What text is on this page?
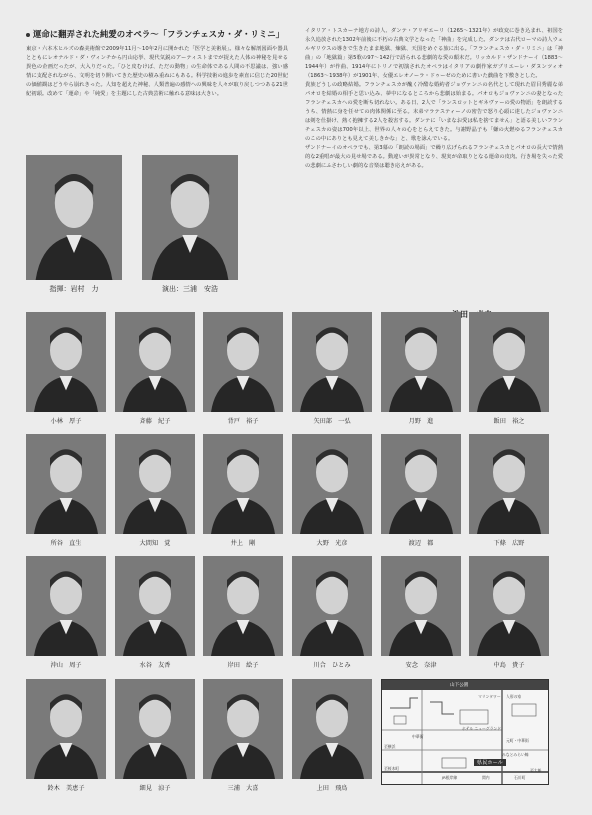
運命に翻弄された純愛のオペラ〜「フランチェスカ・ダ・リミニ」

東京・六本木ヒルズの森美術館で2009年11月〜10年2月に開かれた「医学と美術展」。様々な解剖図面や器具とともにレオナルド・ダ・ヴィンチから円山応挙、現代気鋭のアーティストまでが捉えた人体の神秘を見せる異色の企画だったが、大入りだった。「ひと皮むけば、ただの動物」の生命体である人間の不思議は、強い感情に支配されながら、文明を切り開いてきた歴史の積み重ねにもある。科学技術の進歩を素直に信じた20世紀の価値観はどうやら崩れきった。人知を超えた神秘、人類普遍の感情への興味を人々が取り戻しつつある21世紀初頭。改めて「運命」や「純愛」を主題にした古典芸術に触れる意味は大きい。

イタリア・トスカーナ地方の詩人、ダンテ・アリギエーリ（1265〜1321年）が政変に巻き込まれ、祖国を永久追放された1302年前後に不朽の古典文学となった「神曲」を完成した。ダンテは古代ローマの詩人ウェルギリウスの導きで生きたまま地獄、煉獄、天国をめぐる旅に出る。「フランチェスカ・ダ・リミニ」は「神曲」の「地獄篇」第5歌の97〜142行で語られる悲劇的な愛の顛末だ。リッカルド・ザンドナーイ（1883〜1944年）が作曲、1914年にトリノで初演されたオペラはイタリアの劇作家ガブリエーレ・ダヌンツィオ（1863〜1938年）が1901年、女優エレオノーラ・ドゥーゼのために書いた戯曲を下敷きとした。

貴族どうしの政略結婚。フランチェスカが醜く冷酷な婚約者ジョヴァンニの名代として現れた眉目秀麗な弟パオロを結婚の相手と思い込み、夢中になるところから悲劇は始まる。パオロもジョヴァンニの妻となったフランチェスカへの愛を断ち切れない。ある日、2人で「ランスロットとギネヴァーの愛の物語」を朗読するうち、情熱に身を任せての肉体関係に至る。末弟マラテスティーノの密告で怒り心頭に達したジョヴァンニは剣を仕掛け、熱く抱擁する2人を殺害する。ダンテに「いまなお愛は私を捨てません」と語る美しいフランチェスカの姿は700年以上、世界の人々の心をとらえてきた。与謝野晶子も「嫌の火燃ゆるフランチェスカのこの中にありとも見えて美しきかな」と、歌を詠んでいる。

ザンドナーイのオペラでも、第3幕の「朗読の場面」で繰り広げられるフランチェスカとパオロの長大で情熱的な2重唱が最大の見せ場である。動違いが異常となり、現実が命取りとなる運命の皮肉。行き場を失った愛の悲劇にふさわしい劇的な音楽は聴き応えがある。

指揮：岩村　力	演出：三浦　安浩
小林　厚子	斉藤　紀子	背戸　裕子	矢田部　一弘	月野　進	飯田　裕之
所谷　直生	大間知　覚	井上　剛	大野　光彦	渡辺　都	下條　広野
沖山　周子	水谷　友香	岸田　絵子	川合　ひとみ	安念　奈津	中島　貴子
鈴木　美恵子	細見　涼子	三浦　大喜	上田　飛鳥
山下公園
中華街
元町・中華街
石川町
関内
JR根岸線
みなとみらい線
マリンタワー 人形の家
ホテル ニューグランド
至大船
至桜木町
至横浜
県民ホール
